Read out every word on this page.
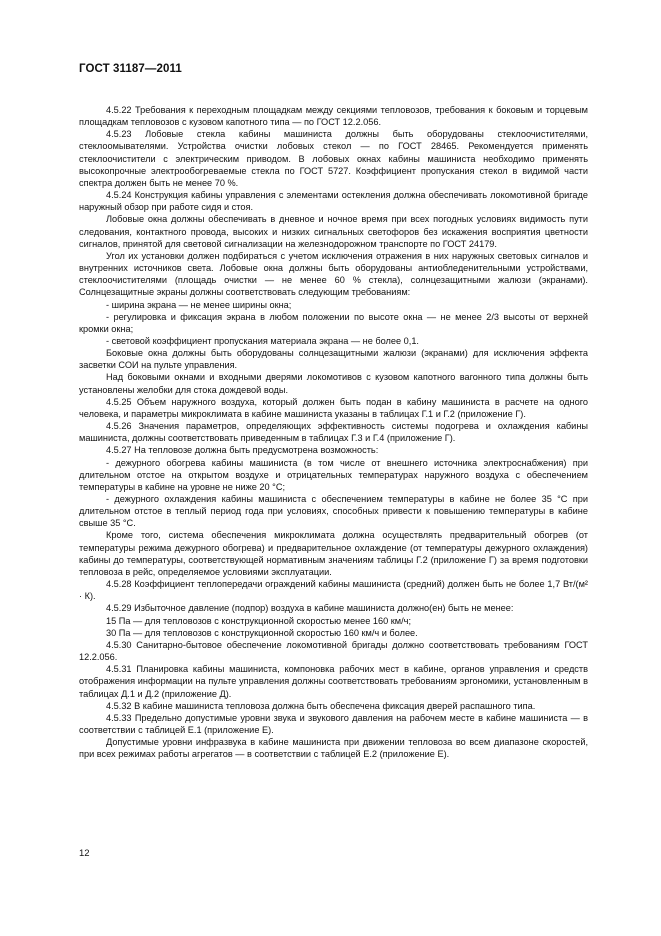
ГОСТ 31187—2011

4.5.22 Требования к переходным площадкам между секциями тепловозов, требования к боковым и торцевым площадкам тепловозов с кузовом капотного типа — по ГОСТ 12.2.056.

4.5.23 Лобовые стекла кабины машиниста должны быть оборудованы стеклоочистителями, стеклоомывателями. Устройства очистки лобовых стекол — по ГОСТ 28465. Рекомендуется применять стеклоочистители с электрическим приводом. В лобовых окнах кабины машиниста необходимо применять высокопрочные электрообогреваемые стекла по ГОСТ 5727. Коэффициент пропускания стекол в видимой части спектра должен быть не менее 70 %.

4.5.24 Конструкция кабины управления с элементами остекления должна обеспечивать локомотивной бригаде наружный обзор при работе сидя и стоя.

Лобовые окна должны обеспечивать в дневное и ночное время при всех погодных условиях видимость пути следования, контактного провода, высоких и низких сигнальных светофоров без искажения восприятия цветности сигналов, принятой для световой сигнализации на железнодорожном транспорте по ГОСТ 24179.

Угол их установки должен подбираться с учетом исключения отражения в них наружных световых сигналов и внутренних источников света. Лобовые окна должны быть оборудованы антиобледенительными устройствами, стеклоочистителями (площадь очистки — не менее 60 % стекла), солнцезащитными жалюзи (экранами). Солнцезащитные экраны должны соответствовать следующим требованиям:

- ширина экрана — не менее ширины окна;

- регулировка и фиксация экрана в любом положении по высоте окна — не менее 2/3 высоты от верхней кромки окна;

- световой коэффициент пропускания материала экрана — не более 0,1.

Боковые окна должны быть оборудованы солнцезащитными жалюзи (экранами) для исключения эффекта засветки СОИ на пульте управления.

Над боковыми окнами и входными дверями локомотивов с кузовом капотного вагонного типа должны быть установлены желобки для стока дождевой воды.

4.5.25 Объем наружного воздуха, который должен быть подан в кабину машиниста в расчете на одного человека, и параметры микроклимата в кабине машиниста указаны в таблицах Г.1 и Г.2 (приложение Г).

4.5.26 Значения параметров, определяющих эффективность системы подогрева и охлаждения кабины машиниста, должны соответствовать приведенным в таблицах Г.3 и Г.4 (приложение Г).

4.5.27 На тепловозе должна быть предусмотрена возможность:

- дежурного обогрева кабины машиниста (в том числе от внешнего источника электроснабжения) при длительном отстое на открытом воздухе и отрицательных температурах наружного воздуха с обеспечением температуры в кабине на уровне не ниже 20 °С;

- дежурного охлаждения кабины машиниста с обеспечением температуры в кабине не более 35 °С при длительном отстое в теплый период года при условиях, способных привести к повышению температуры в кабине свыше 35 °С.

Кроме того, система обеспечения микроклимата должна осуществлять предварительный обогрев (от температуры режима дежурного обогрева) и предварительное охлаждение (от температуры дежурного охлаждения) кабины до температуры, соответствующей нормативным значениям таблицы Г.2 (приложение Г) за время подготовки тепловоза в рейс, определяемое условиями эксплуатации.

4.5.28 Коэффициент теплопередачи ограждений кабины машиниста (средний) должен быть не более 1,7 Вт/(м² · К).

4.5.29 Избыточное давление (подпор) воздуха в кабине машиниста должно(ен) быть не менее:

15 Па — для тепловозов с конструкционной скоростью менее 160 км/ч;

30 Па — для тепловозов с конструкционной скоростью 160 км/ч и более.

4.5.30 Санитарно-бытовое обеспечение локомотивной бригады должно соответствовать требованиям ГОСТ 12.2.056.

4.5.31 Планировка кабины машиниста, компоновка рабочих мест в кабине, органов управления и средств отображения информации на пульте управления должны соответствовать требованиям эргономики, установленным в таблицах Д.1 и Д.2 (приложение Д).

4.5.32 В кабине машиниста тепловоза должна быть обеспечена фиксация дверей распашного типа.

4.5.33 Предельно допустимые уровни звука и звукового давления на рабочем месте в кабине машиниста — в соответствии с таблицей Е.1 (приложение Е).

Допустимые уровни инфразвука в кабине машиниста при движении тепловоза во всем диапазоне скоростей, при всех режимах работы агрегатов — в соответствии с таблицей Е.2 (приложение Е).

12
